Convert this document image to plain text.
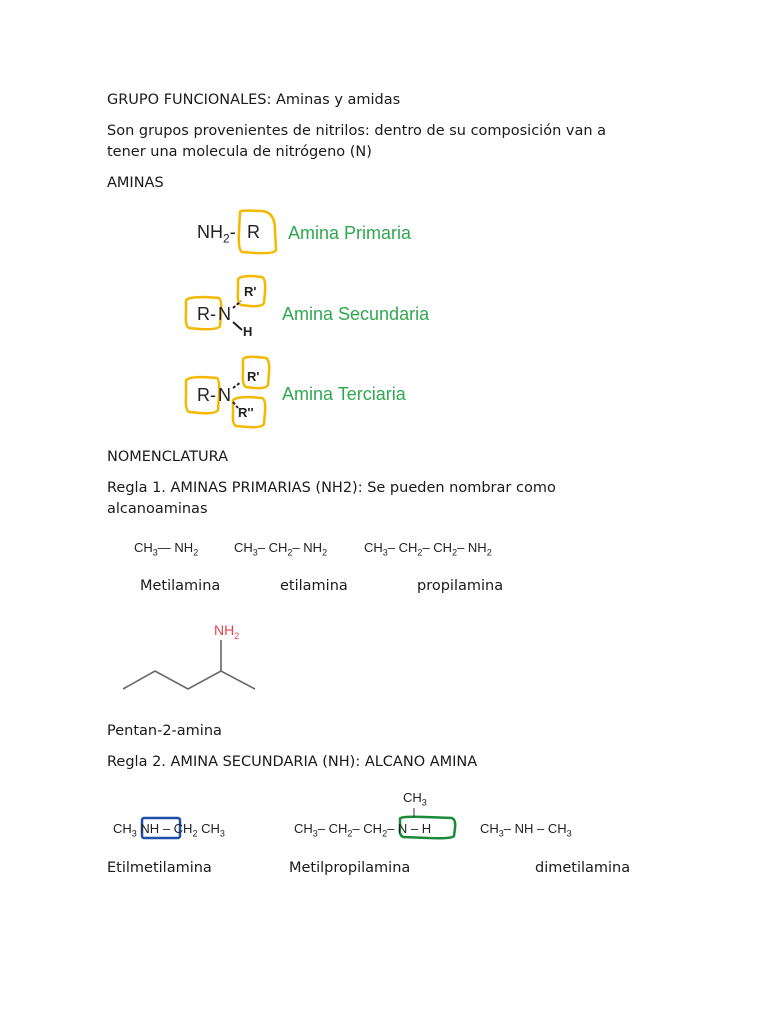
GRUPO FUNCIONALES: Aminas y amidas
Son grupos provenientes de nitrilos: dentro de su composición van a
tener una molecula de nitrógeno (N)
AMINAS
$NH_2-$ R Amina Primaria
R - N
R'
H
Amina Secundaria
R - N
R'
R''
Amina Terciaria
NOMENCLATURA
Regla 1. AMINAS PRIMARIAS (NH2): Se pueden nombrar como
alcanoaminas
$CH_3—$ $NH_2$	$CH_3-$ $CH_2-$ $NH_2$	$CH_3-$ $CH_2-$ $CH_2-$ $NH_2$
Metilamina	etilamina	propilamina
$NH_2$
Pentan-2-amina
Regla 2. AMINA SECUNDARIA (NH): ALCANO AMINA
$CH_3$ NH – $CH_2$ $CH_3$
$CH_3$
$CH_3-$ $CH_2-$ $CH_2-$ N – H	$CH_3-$ NH – $CH_3$
Etilmetilamina	Metilpropilamina	dimetilamina
